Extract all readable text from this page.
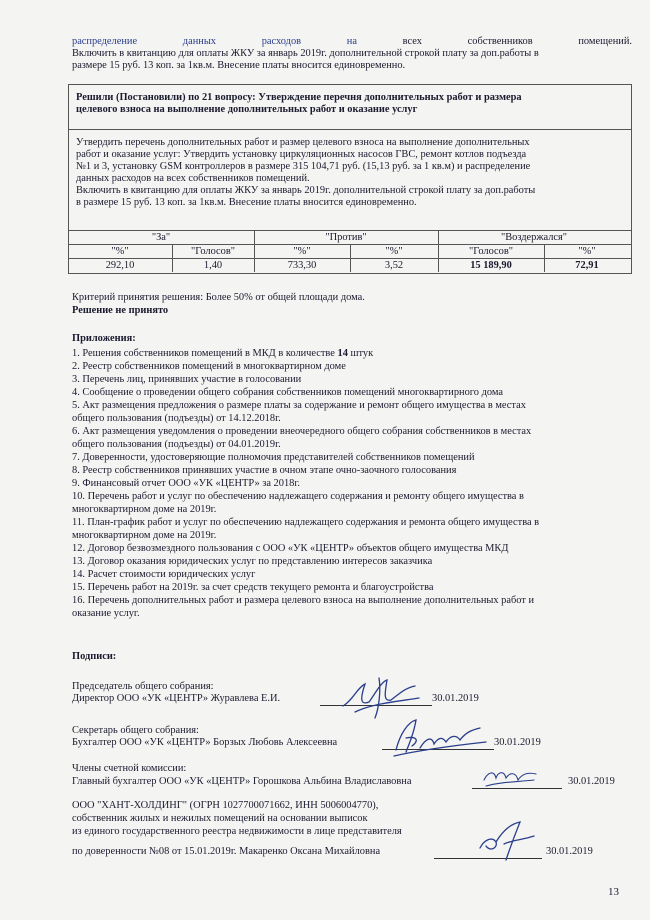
распределение	данных	расходов	на	всех	собственников	помещений.
Включить в квитанцию для оплаты ЖКУ за январь 2019г. дополнительной строкой плату за доп.работы в
размере 15 руб. 13 коп. за 1кв.м. Внесение платы вносится единовременно.
Решили (Постановили) по 21 вопросу: Утверждение перечня дополнительных работ и размера
целевого взноса на выполнение дополнительных работ и оказание услуг
Утвердить перечень дополнительных работ и размер целевого взноса на выполнение дополнительных
работ и оказание услуг: Утвердить установку циркуляционных насосов ГВС, ремонт котлов подъезда
№1 и 3, установку GSM контроллеров в размере 315 104,71 руб. (15,13 руб. за 1 кв.м) и распределение
данных расходов на всех собственников помещений.
Включить в квитанцию для оплаты ЖКУ за январь 2019г. дополнительной строкой плату за доп.работы
в размере 15 руб. 13 коп. за 1кв.м. Внесение платы вносится единовременно.
"За"	"Против"	"Воздержался"
"%"	"Голосов"	"%"	"%"	"Голосов"	"%"
292,10	1,40	733,30	3,52	15 189,90	72,91
Критерий принятия решения: Более 50% от общей площади дома.
Решение не принято
Приложения:
1. Решения собственников помещений в МКД в количестве 14 штук
2. Реестр собственников помещений в многоквартирном доме
3. Перечень лиц, принявших участие в голосовании
4. Сообщение о проведении общего собрания собственников помещений многоквартирного дома
5. Акт размещения предложения о размере платы за содержание и ремонт общего имущества в местах
общего пользования (подъезды) от 14.12.2018г.
6. Акт размещения уведомления о проведении внеочередного общего собрания собственников в местах
общего пользования (подъезды) от 04.01.2019г.
7. Доверенности, удостоверяющие полномочия представителей собственников помещений
8. Реестр собственников принявших участие в очном этапе очно-заочного голосования
9. Финансовый отчет ООО «УК «ЦЕНТР» за 2018г.
10. Перечень работ и услуг по обеспечению надлежащего содержания и ремонту общего имущества в
многоквартирном доме на 2019г.
11. План-график работ и услуг по обеспечению надлежащего содержания и ремонта общего имущества в
многоквартирном доме на 2019г.
12. Договор безвозмездного пользования с ООО «УК «ЦЕНТР» объектов общего имущества МКД
13. Договор оказания юридических услуг по представлению интересов заказчика
14. Расчет стоимости юридических услуг
15. Перечень работ на 2019г. за счет средств текущего ремонта и благоустройства
16. Перечень дополнительных работ и размера целевого взноса на выполнение дополнительных работ и
оказание услуг.
Подписи:
Председатель общего собрания:
Директор ООО «УК «ЦЕНТР» Журавлева Е.И.	30.01.2019
Секретарь общего собрания:
Бухгалтер ООО «УК «ЦЕНТР» Борзых Любовь Алексеевна	30.01.2019
Члены счетной комиссии:
Главный бухгалтер ООО «УК «ЦЕНТР» Горошкова Альбина Владиславовна	30.01.2019
ООО "ХАНТ-ХОЛДИНГ" (ОГРН 1027700071662, ИНН 5006004770),
собственник жилых и нежилых помещений на основании выписок
из единого государственного реестра недвижимости в лице представителя
по доверенности №08 от 15.01.2019г. Макаренко Оксана Михайловна	30.01.2019
13
